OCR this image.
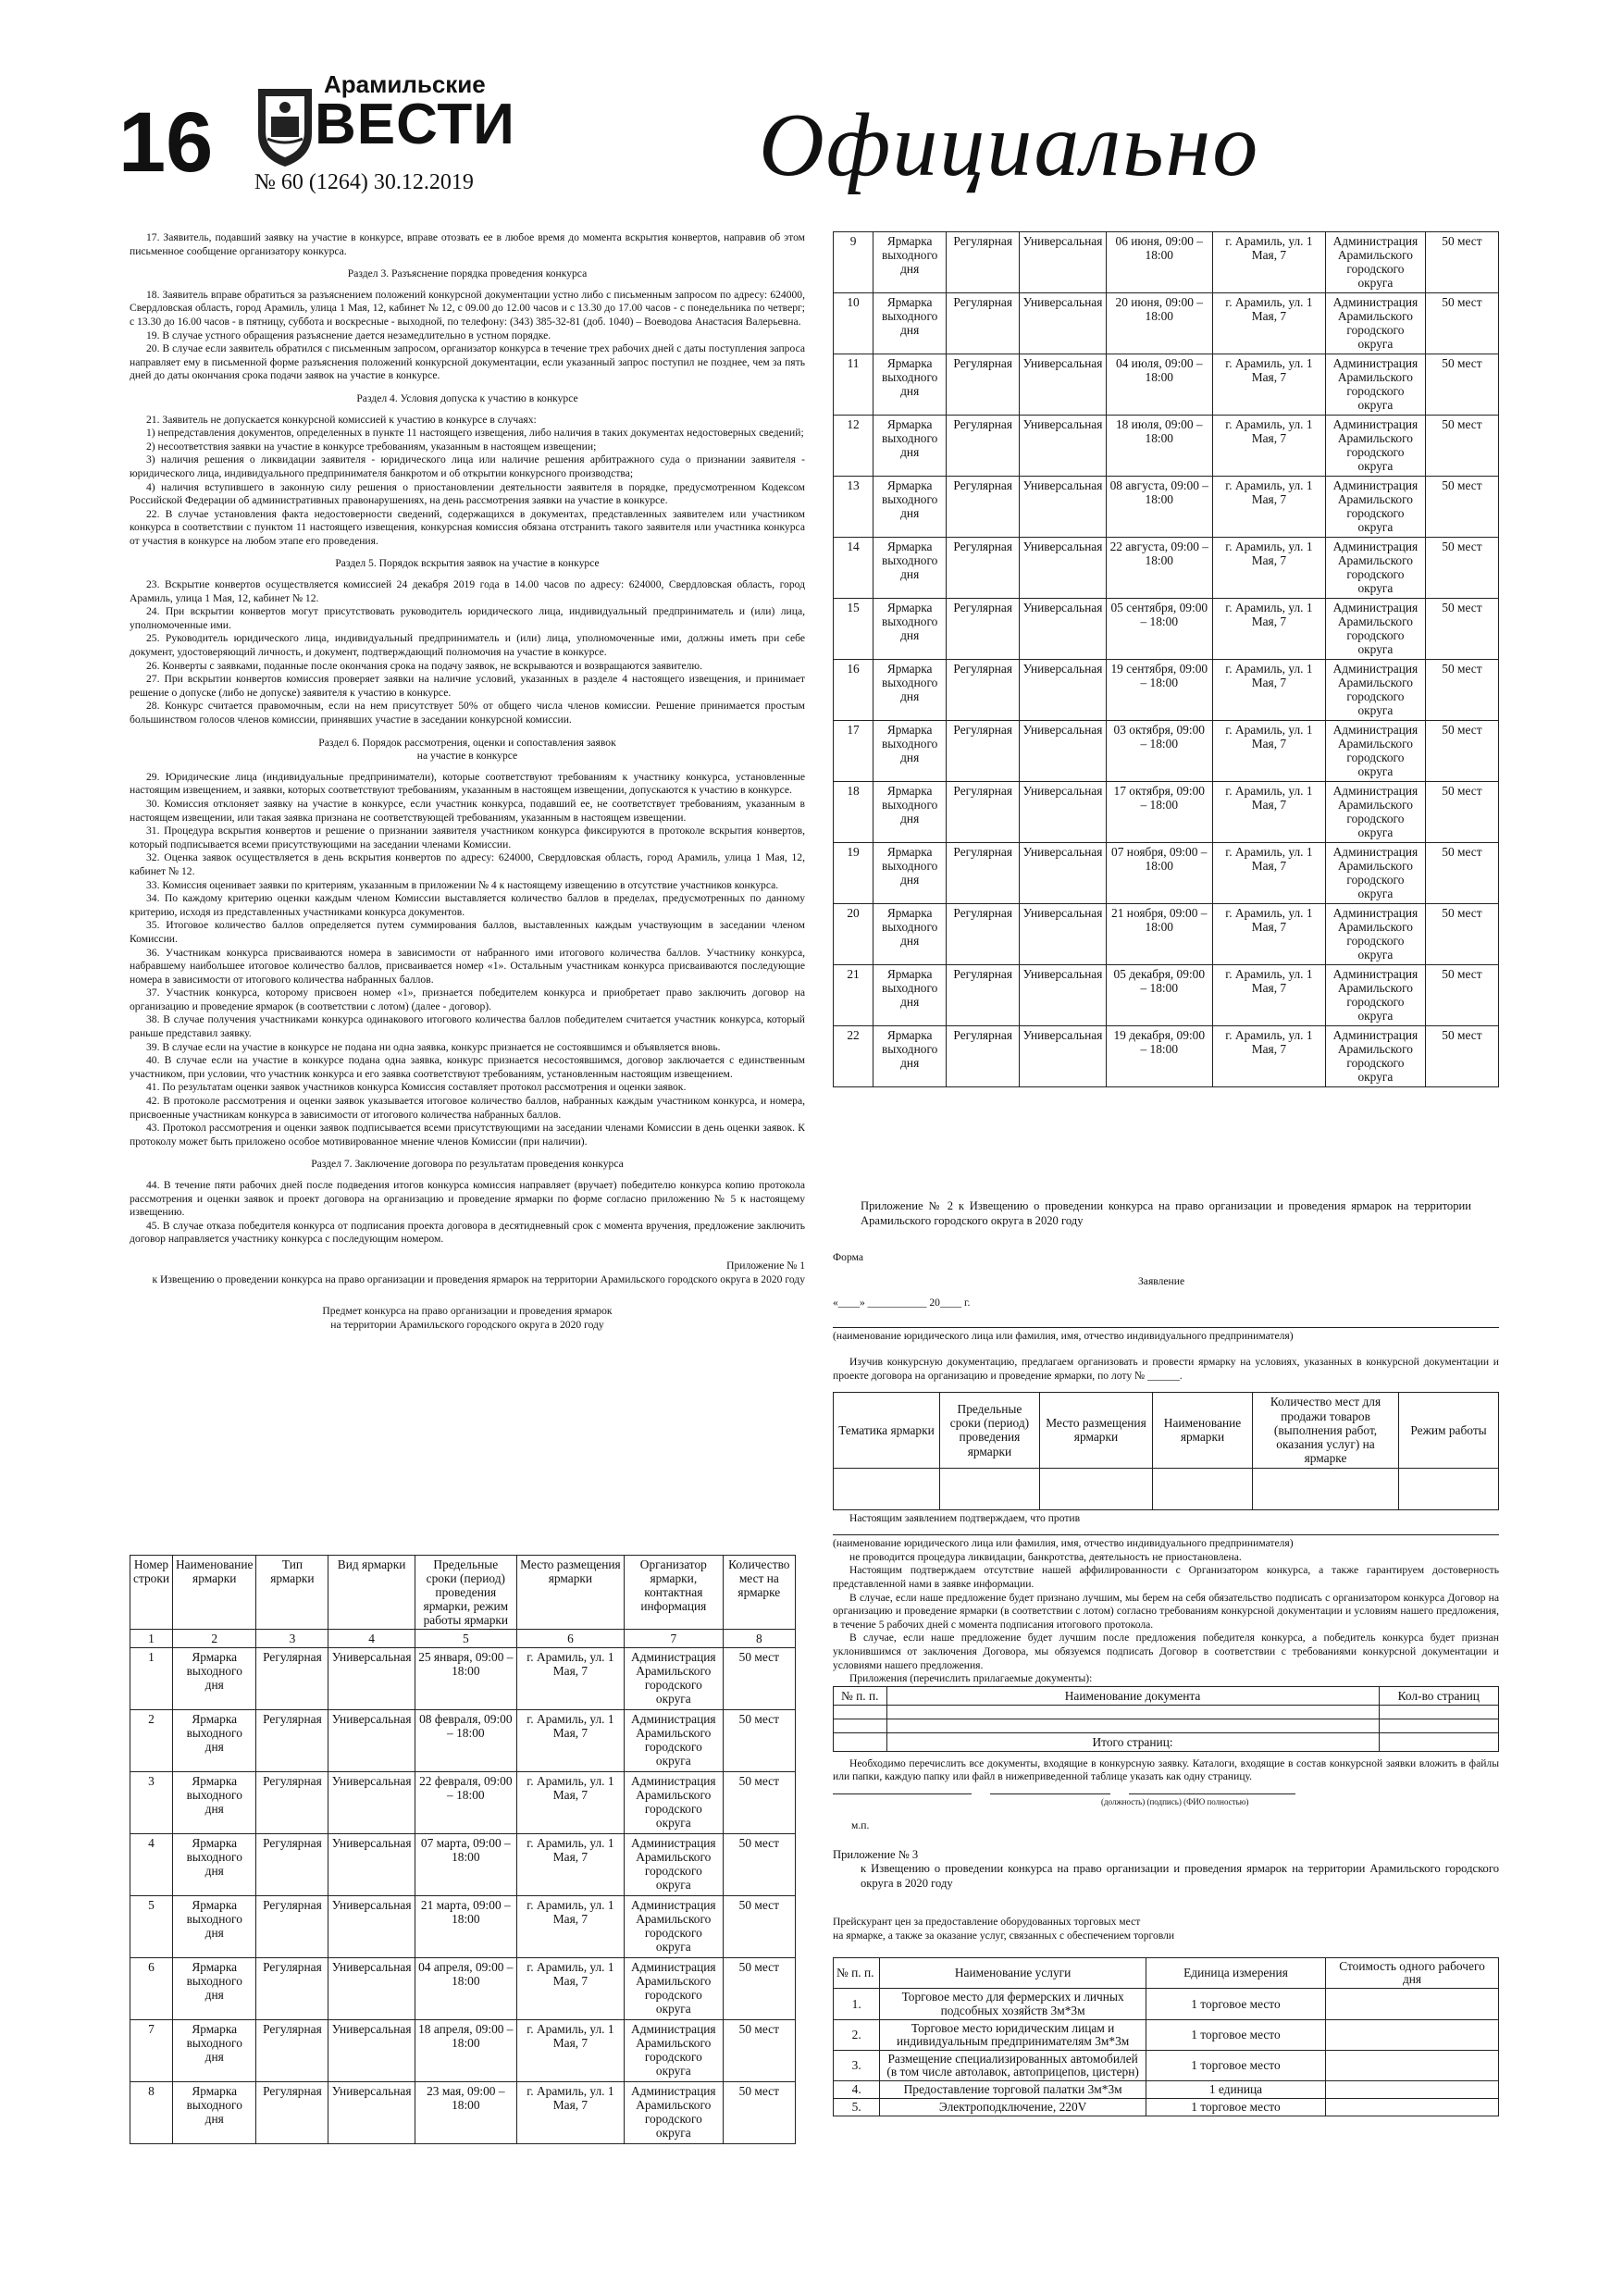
16
Арамильские
ВЕСТИ
№ 60 (1264) 30.12.2019	Официально

17. Заявитель, подавший заявку на участие в конкурсе, вправе отозвать ее в любое время до момента вскрытия конвертов, направив об этом письменное сообщение организатору конкурса.

Раздел 3. Разъяснение порядка проведения конкурса

18. Заявитель вправе обратиться за разъяснением положений конкурсной документации устно либо с письменным запросом по адресу: 624000, Свердловская область, город Арамиль, улица 1 Мая, 12, кабинет № 12, с 09.00 до 12.00 часов и с 13.30 до 17.00 часов - с понедельника по четверг; с 13.30 до 16.00 часов - в пятницу, суббота и воскресные - выходной, по телефону: (343) 385-32-81 (доб. 1040) – Воеводова Анастасия Валерьевна.

19. В случае устного обращения разъяснение дается незамедлительно в устном порядке.

20. В случае если заявитель обратился с письменным запросом, организатор конкурса в течение трех рабочих дней с даты поступления запроса направляет ему в письменной форме разъяснения положений конкурсной документации, если указанный запрос поступил не позднее, чем за пять дней до даты окончания срока подачи заявок на участие в конкурсе.

Раздел 4. Условия допуска к участию в конкурсе

21. Заявитель не допускается конкурсной комиссией к участию в конкурсе в случаях:

1) непредставления документов, определенных в пункте 11 настоящего извещения, либо наличия в таких документах недостоверных сведений;

2) несоответствия заявки на участие в конкурсе требованиям, указанным в настоящем извещении;

3) наличия решения о ликвидации заявителя - юридического лица или наличие решения арбитражного суда о признании заявителя - юридического лица, индивидуального предпринимателя банкротом и об открытии конкурсного производства;

4) наличия вступившего в законную силу решения о приостановлении деятельности заявителя в порядке, предусмотренном Кодексом Российской Федерации об административных правонарушениях, на день рассмотрения заявки на участие в конкурсе.

22. В случае установления факта недостоверности сведений, содержащихся в документах, представленных заявителем или участником конкурса в соответствии с пунктом 11 настоящего извещения, конкурсная комиссия обязана отстранить такого заявителя или участника конкурса от участия в конкурсе на любом этапе его проведения.

Раздел 5. Порядок вскрытия заявок на участие в конкурсе

23. Вскрытие конвертов осуществляется комиссией 24 декабря 2019 года в 14.00 часов по адресу: 624000, Свердловская область, город Арамиль, улица 1 Мая, 12, кабинет № 12.

24. При вскрытии конвертов могут присутствовать руководитель юридического лица, индивидуальный предприниматель и (или) лица, уполномоченные ими.

25. Руководитель юридического лица, индивидуальный предприниматель и (или) лица, уполномоченные ими, должны иметь при себе документ, удостоверяющий личность, и документ, подтверждающий полномочия на участие в конкурсе.

26. Конверты с заявками, поданные после окончания срока на подачу заявок, не вскрываются и возвращаются заявителю.

27. При вскрытии конвертов комиссия проверяет заявки на наличие условий, указанных в разделе 4 настоящего извещения, и принимает решение о допуске (либо не допуске) заявителя к участию в конкурсе.

28. Конкурс считается правомочным, если на нем присутствует 50% от общего числа членов комиссии. Решение принимается простым большинством голосов членов комиссии, принявших участие в заседании конкурсной комиссии.

Раздел 6. Порядок рассмотрения, оценки и сопоставления заявок

на участие в конкурсе

29. Юридические лица (индивидуальные предприниматели), которые соответствуют требованиям к участнику конкурса, установленные настоящим извещением, и заявки, которых соответствуют требованиям, указанным в настоящем извещении, допускаются к участию в конкурсе.

30. Комиссия отклоняет заявку на участие в конкурсе, если участник конкурса, подавший ее, не соответствует требованиям, указанным в настоящем извещении, или такая заявка признана не соответствующей требованиям, указанным в настоящем извещении.

31. Процедура вскрытия конвертов и решение о признании заявителя участником конкурса фиксируются в протоколе вскрытия конвертов, который подписывается всеми присутствующими на заседании членами Комиссии.

32. Оценка заявок осуществляется в день вскрытия конвертов по адресу: 624000, Свердловская область, город Арамиль, улица 1 Мая, 12, кабинет № 12.

33. Комиссия оценивает заявки по критериям, указанным в приложении № 4 к настоящему извещению в отсутствие участников конкурса.

34. По каждому критерию оценки каждым членом Комиссии выставляется количество баллов в пределах, предусмотренных по данному критерию, исходя из представленных участниками конкурса документов.

35. Итоговое количество баллов определяется путем суммирования баллов, выставленных каждым участвующим в заседании членом Комиссии.

36. Участникам конкурса присваиваются номера в зависимости от набранного ими итогового количества баллов. Участнику конкурса, набравшему наибольшее итоговое количество баллов, присваивается номер «1». Остальным участникам конкурса присваиваются последующие номера в зависимости от итогового количества набранных баллов.

37. Участник конкурса, которому присвоен номер «1», признается победителем конкурса и приобретает право заключить договор на организацию и проведение ярмарок (в соответствии с лотом) (далее - договор).

38. В случае получения участниками конкурса одинакового итогового количества баллов победителем считается участник конкурса, который раньше представил заявку.

39. В случае если на участие в конкурсе не подана ни одна заявка, конкурс признается не состоявшимся и объявляется вновь.

40. В случае если на участие в конкурсе подана одна заявка, конкурс признается несостоявшимся, договор заключается с единственным участником, при условии, что участник конкурса и его заявка соответствуют требованиям, установленным настоящим извещением.

41. По результатам оценки заявок участников конкурса Комиссия составляет протокол рассмотрения и оценки заявок.

42. В протоколе рассмотрения и оценки заявок указывается итоговое количество баллов, набранных каждым участником конкурса, и номера, присвоенные участникам конкурса в зависимости от итогового количества набранных баллов.

43. Протокол рассмотрения и оценки заявок подписывается всеми присутствующими на заседании членами Комиссии в день оценки заявок. К протоколу может быть приложено особое мотивированное мнение членов Комиссии (при наличии).

Раздел 7. Заключение договора по результатам проведения конкурса

44. В течение пяти рабочих дней после подведения итогов конкурса комиссия направляет (вручает) победителю конкурса копию протокола рассмотрения и оценки заявок и проект договора на организацию и проведение ярмарки по форме согласно приложению № 5 к настоящему извещению.

45. В случае отказа победителя конкурса от подписания проекта договора в десятидневный срок с момента вручения, предложение заключить договор направляется участнику конкурса с последующим номером.

Приложение № 1

к Извещению о проведении конкурса на право организации и проведения ярмарок на территории Арамильского городского округа в 2020 году

Предмет конкурса на право организации и проведения ярмарок

на территории Арамильского городского округа в 2020 году

Номер строки	Наименование ярмарки	Тип ярмарки	Вид ярмарки	Предельные сроки (период) проведения ярмарки, режим работы ярмарки	Место размещения ярмарки	Организатор ярмарки, контактная информация	Количество мест на ярмарке
1	2	3	4	5	6	7	8
1	Ярмарка выходного дня	Регулярная	Универсальная	25 января, 09:00 – 18:00	г. Арамиль, ул. 1 Мая, 7	Администрация Арамильского городского округа	50 мест
2	Ярмарка выходного дня	Регулярная	Универсальная	08 февраля, 09:00 – 18:00	г. Арамиль, ул. 1 Мая, 7	Администрация Арамильского городского округа	50 мест
3	Ярмарка выходного дня	Регулярная	Универсальная	22 февраля, 09:00 – 18:00	г. Арамиль, ул. 1 Мая, 7	Администрация Арамильского городского округа	50 мест
4	Ярмарка выходного дня	Регулярная	Универсальная	07 марта, 09:00 – 18:00	г. Арамиль, ул. 1 Мая, 7	Администрация Арамильского городского округа	50 мест
5	Ярмарка выходного дня	Регулярная	Универсальная	21 марта, 09:00 – 18:00	г. Арамиль, ул. 1 Мая, 7	Администрация Арамильского городского округа	50 мест
6	Ярмарка выходного дня	Регулярная	Универсальная	04 апреля, 09:00 – 18:00	г. Арамиль, ул. 1 Мая, 7	Администрация Арамильского городского округа	50 мест
7	Ярмарка выходного дня	Регулярная	Универсальная	18 апреля, 09:00 – 18:00	г. Арамиль, ул. 1 Мая, 7	Администрация Арамильского городского округа	50 мест
8	Ярмарка выходного дня	Регулярная	Универсальная	23 мая, 09:00 – 18:00	г. Арамиль, ул. 1 Мая, 7	Администрация Арамильского городского округа	50 мест
9	Ярмарка выходного дня	Регулярная	Универсальная	06 июня, 09:00 – 18:00	г. Арамиль, ул. 1 Мая, 7	Администрация Арамильского городского округа	50 мест
10	Ярмарка выходного дня	Регулярная	Универсальная	20 июня, 09:00 – 18:00	г. Арамиль, ул. 1 Мая, 7	Администрация Арамильского городского округа	50 мест
11	Ярмарка выходного дня	Регулярная	Универсальная	04 июля, 09:00 – 18:00	г. Арамиль, ул. 1 Мая, 7	Администрация Арамильского городского округа	50 мест
12	Ярмарка выходного дня	Регулярная	Универсальная	18 июля, 09:00 – 18:00	г. Арамиль, ул. 1 Мая, 7	Администрация Арамильского городского округа	50 мест
13	Ярмарка выходного дня	Регулярная	Универсальная	08 августа, 09:00 – 18:00	г. Арамиль, ул. 1 Мая, 7	Администрация Арамильского городского округа	50 мест
14	Ярмарка выходного дня	Регулярная	Универсальная	22 августа, 09:00 – 18:00	г. Арамиль, ул. 1 Мая, 7	Администрация Арамильского городского округа	50 мест
15	Ярмарка выходного дня	Регулярная	Универсальная	05 сентября, 09:00 – 18:00	г. Арамиль, ул. 1 Мая, 7	Администрация Арамильского городского округа	50 мест
16	Ярмарка выходного дня	Регулярная	Универсальная	19 сентября, 09:00 – 18:00	г. Арамиль, ул. 1 Мая, 7	Администрация Арамильского городского округа	50 мест
17	Ярмарка выходного дня	Регулярная	Универсальная	03 октября, 09:00 – 18:00	г. Арамиль, ул. 1 Мая, 7	Администрация Арамильского городского округа	50 мест
18	Ярмарка выходного дня	Регулярная	Универсальная	17 октября, 09:00 – 18:00	г. Арамиль, ул. 1 Мая, 7	Администрация Арамильского городского округа	50 мест
19	Ярмарка выходного дня	Регулярная	Универсальная	07 ноября, 09:00 – 18:00	г. Арамиль, ул. 1 Мая, 7	Администрация Арамильского городского округа	50 мест
20	Ярмарка выходного дня	Регулярная	Универсальная	21 ноября, 09:00 – 18:00	г. Арамиль, ул. 1 Мая, 7	Администрация Арамильского городского округа	50 мест
21	Ярмарка выходного дня	Регулярная	Универсальная	05 декабря, 09:00 – 18:00	г. Арамиль, ул. 1 Мая, 7	Администрация Арамильского городского округа	50 мест
22	Ярмарка выходного дня	Регулярная	Универсальная	19 декабря, 09:00 – 18:00	г. Арамиль, ул. 1 Мая, 7	Администрация Арамильского городского округа	50 мест

Приложение № 2 к Извещению о проведении конкурса на право организации и проведения ярмарок на территории Арамильского городского округа в 2020 году

Форма

Заявление

«____» ___________ 20____ г.

(наименование юридического лица или фамилия, имя, отчество индивидуального предпринимателя)

Изучив конкурсную документацию, предлагаем организовать и провести ярмарку на условиях, указанных в конкурсной документации и проекте договора на организацию и проведение ярмарки, по лоту № ______.

Тематика ярмарки	Предельные сроки (период) проведения ярмарки	Место размещения ярмарки	Наименование ярмарки	Количество мест для продажи товаров (выполнения работ, оказания услуг) на ярмарке	Режим работы

Настоящим заявлением подтверждаем, что против

(наименование юридического лица или фамилия, имя, отчество индивидуального предпринимателя)

не проводится процедура ликвидации, банкротства, деятельность не приостановлена.

Настоящим подтверждаем отсутствие нашей аффилированности с Организатором конкурса, а также гарантируем достоверность представленной нами в заявке информации.

В случае, если наше предложение будет признано лучшим, мы берем на себя обязательство подписать с организатором конкурса Договор на организацию и проведение ярмарки (в соответствии с лотом) согласно требованиям конкурсной документации и условиям нашего предложения, в течение 5 рабочих дней с момента подписания итогового протокола.

В случае, если наше предложение будет лучшим после предложения победителя конкурса, а победитель конкурса будет признан уклонившимся от заключения Договора, мы обязуемся подписать Договор в соответствии с требованиями конкурсной документации и условиями нашего предложения.

Приложения (перечислить прилагаемые документы):

№ п. п.	Наименование документа	Кол-во страниц

	Итого страниц:	

Необходимо перечислить все документы, входящие в конкурсную заявку. Каталоги, входящие в состав конкурсной заявки вложить в файлы или папки, каждую папку или файл в нижеприведенной таблице указать как одну страницу.

(должность) (подпись) (ФИО полностью)

м.п.

Приложение № 3

к Извещению о проведении конкурса на право организации и проведения ярмарок на территории Арамильского городского округа в 2020 году

Прейскурант цен за предоставление оборудованных торговых мест

на ярмарке, а также за оказание услуг, связанных с обеспечением торговли

№ п. п.	Наименование услуги	Единица измерения	Стоимость одного рабочего дня
1.	Торговое место для фермерских и личных подсобных хозяйств 3м*3м	1 торговое место	
2.	Торговое место юридическим лицам и индивидуальным предпринимателям 3м*3м	1 торговое место	
3.	Размещение специализированных автомобилей (в том числе автолавок, автоприцепов, цистерн)	1 торговое место	
4.	Предоставление торговой палатки 3м*3м	1 единица	
5.	Электроподключение, 220V	1 торговое место	
